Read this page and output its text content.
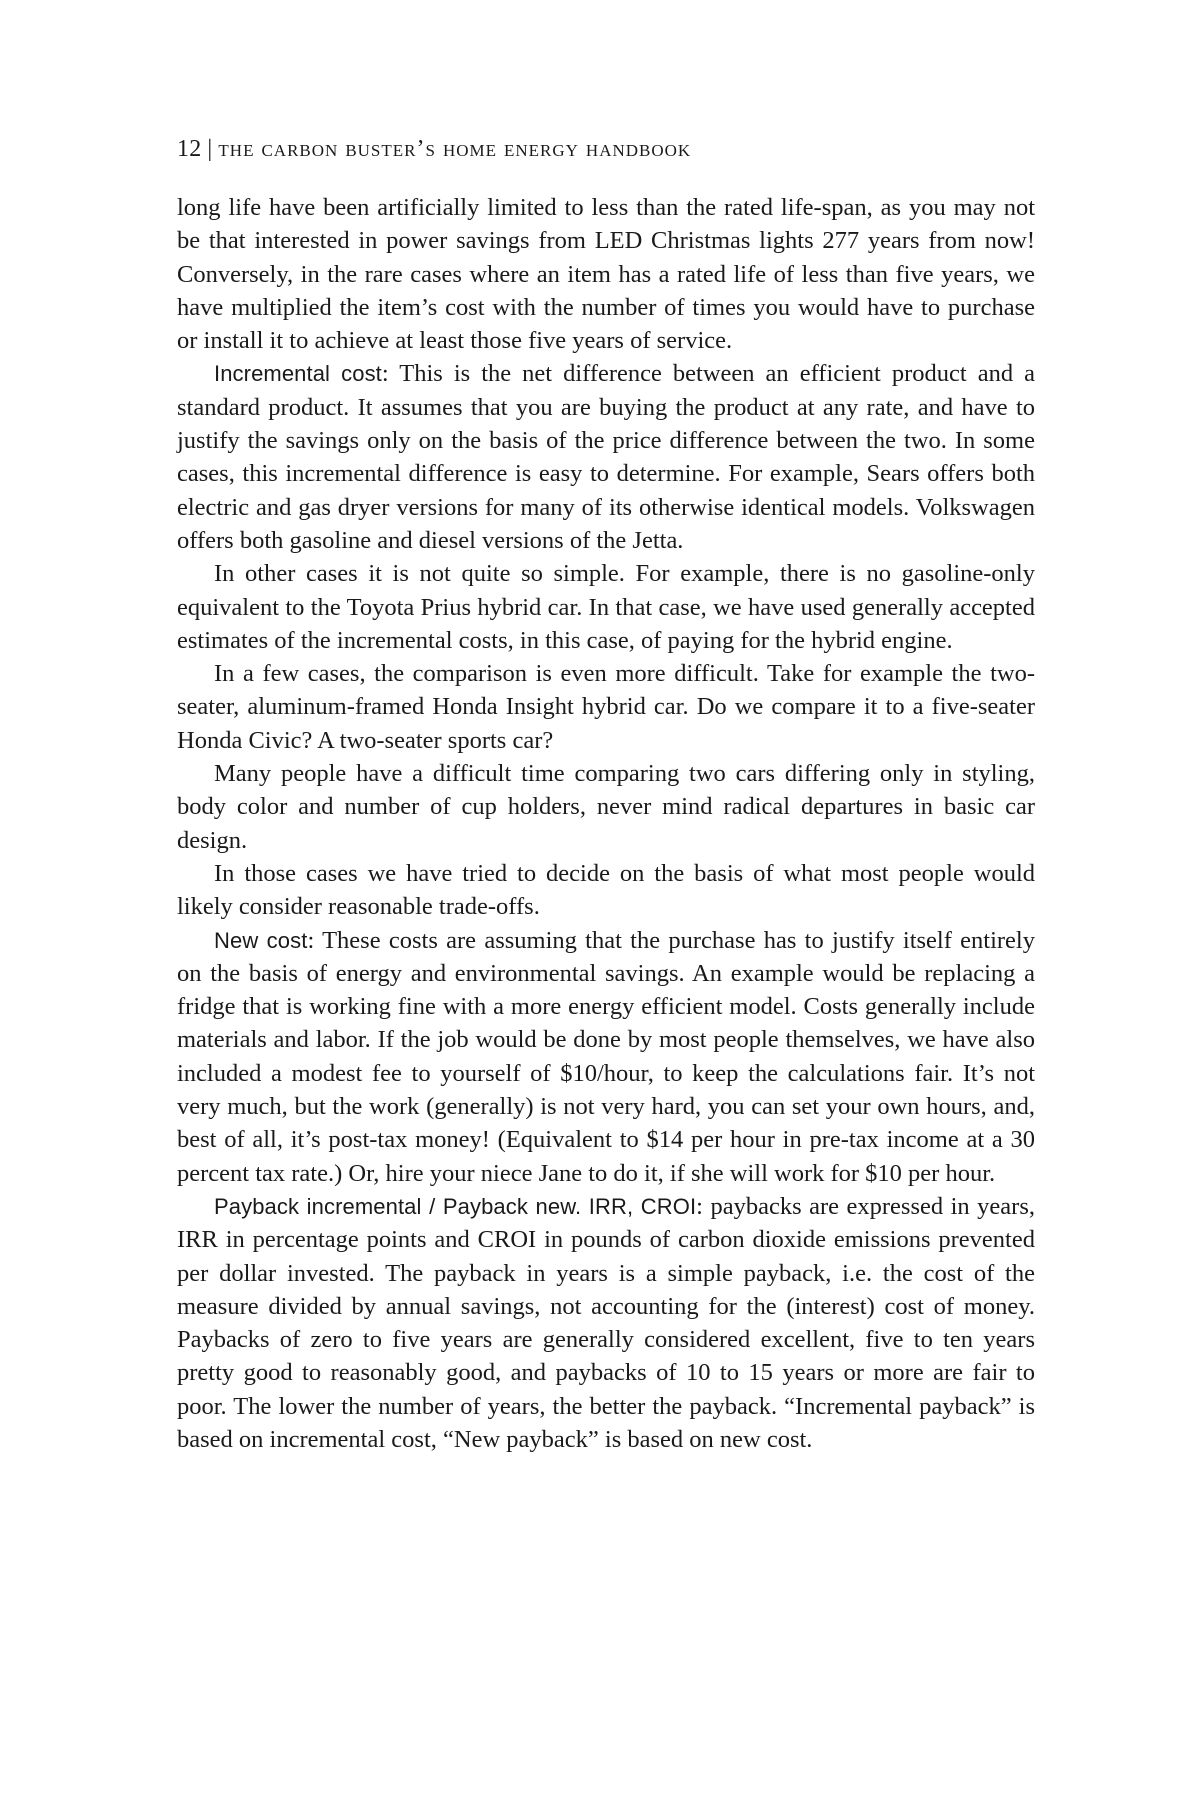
12 | the carbon buster’s home energy handbook

long life have been artificially limited to less than the rated life-span, as you may not be that interested in power savings from LED Christmas lights 277 years from now! Conversely, in the rare cases where an item has a rated life of less than five years, we have multiplied the item’s cost with the number of times you would have to purchase or install it to achieve at least those five years of service.

Incremental cost: This is the net difference between an efficient product and a standard product. It assumes that you are buying the product at any rate, and have to justify the savings only on the basis of the price difference between the two. In some cases, this incremental difference is easy to determine. For example, Sears offers both electric and gas dryer versions for many of its otherwise identical models. Volkswagen offers both gasoline and diesel versions of the Jetta.

In other cases it is not quite so simple. For example, there is no gasoline-only equivalent to the Toyota Prius hybrid car. In that case, we have used generally accepted estimates of the incremental costs, in this case, of paying for the hybrid engine.

In a few cases, the comparison is even more difficult. Take for example the two-seater, aluminum-framed Honda Insight hybrid car. Do we compare it to a five-seater Honda Civic? A two-seater sports car?

Many people have a difficult time comparing two cars differing only in styling, body color and number of cup holders, never mind radical departures in basic car design.

In those cases we have tried to decide on the basis of what most people would likely consider reasonable trade-offs.

New cost: These costs are assuming that the purchase has to justify itself entirely on the basis of energy and environmental savings. An example would be replacing a fridge that is working fine with a more energy efficient model. Costs generally include materials and labor. If the job would be done by most people themselves, we have also included a modest fee to yourself of $10/hour, to keep the calculations fair. It’s not very much, but the work (generally) is not very hard, you can set your own hours, and, best of all, it’s post-tax money! (Equivalent to $14 per hour in pre-tax income at a 30 percent tax rate.) Or, hire your niece Jane to do it, if she will work for $10 per hour.

Payback incremental / Payback new. IRR, CROI: paybacks are expressed in years, IRR in percentage points and CROI in pounds of carbon dioxide emissions prevented per dollar invested. The payback in years is a simple payback, i.e. the cost of the measure divided by annual savings, not accounting for the (interest) cost of money. Paybacks of zero to five years are generally considered excellent, five to ten years pretty good to reasonably good, and paybacks of 10 to 15 years or more are fair to poor. The lower the number of years, the better the payback. “Incremental payback” is based on incremental cost, “New payback” is based on new cost.
